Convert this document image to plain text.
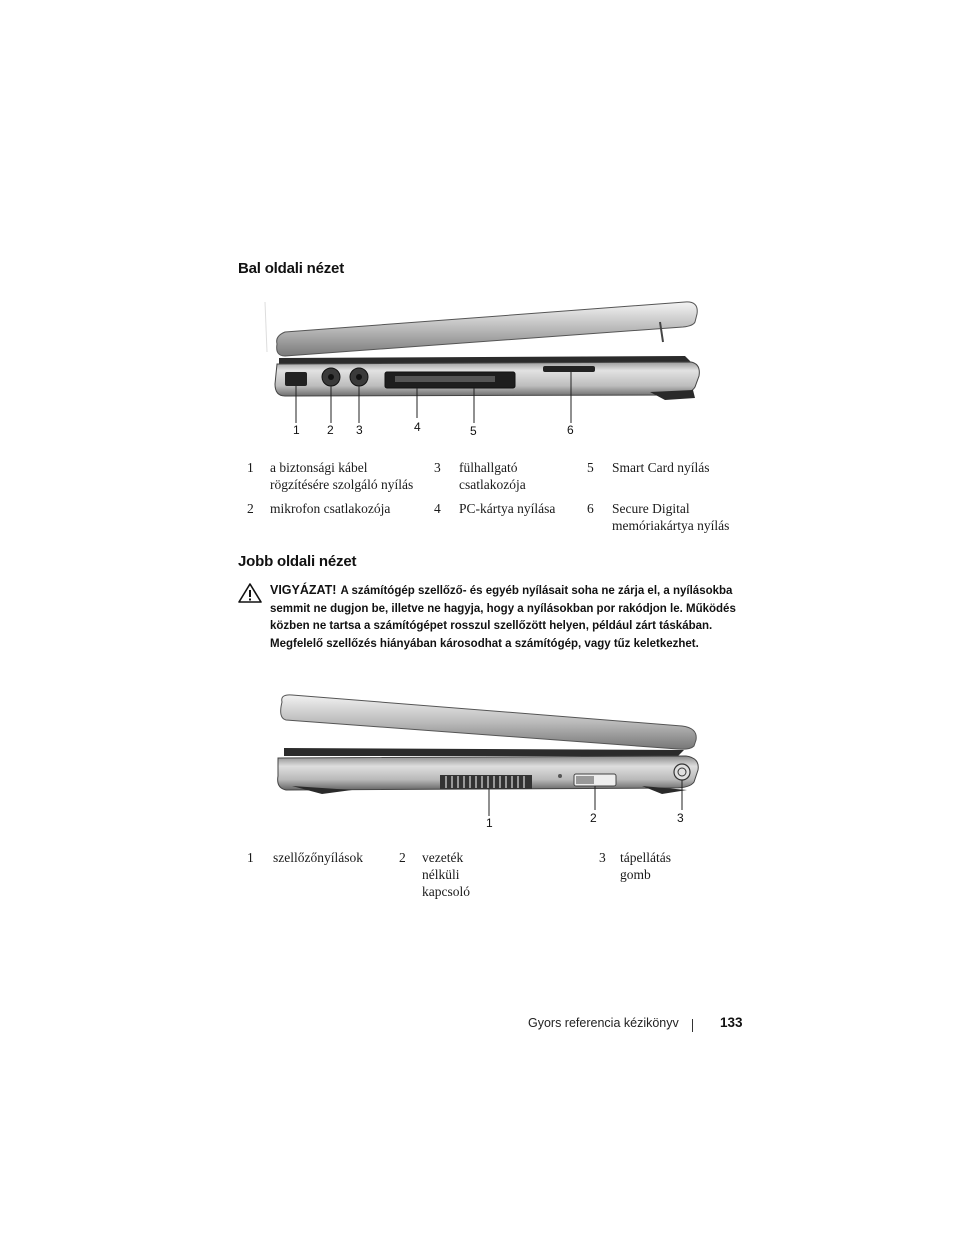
Bal oldali nézet
1 2 3	4	5	6
1 a biztonsági kábel rögzítésére szolgáló nyílás
2 mikrofon csatlakozója
3 fülhallgató csatlakozója
4 PC-kártya nyílása
5 Smart Card nyílás
6 Secure Digital memóriakártya nyílás
Jobb oldali nézet
VIGYÁZAT! A számítógép szellőző- és egyéb nyílásait soha ne zárja el, a nyílásokba semmit ne dugjon be, illetve ne hagyja, hogy a nyílásokban por rakódjon le. Működés közben ne tartsa a számítógépet rosszul szellőzött helyen, például zárt táskában. Megfelelő szellőzés hiányában károsodhat a számítógép, vagy tűz keletkezhet.
1	2	3
1 szellőzőnyílások	2 vezeték nélküli kapcsoló
3 tápellátás gomb
Gyors referencia kézikönyv	133
